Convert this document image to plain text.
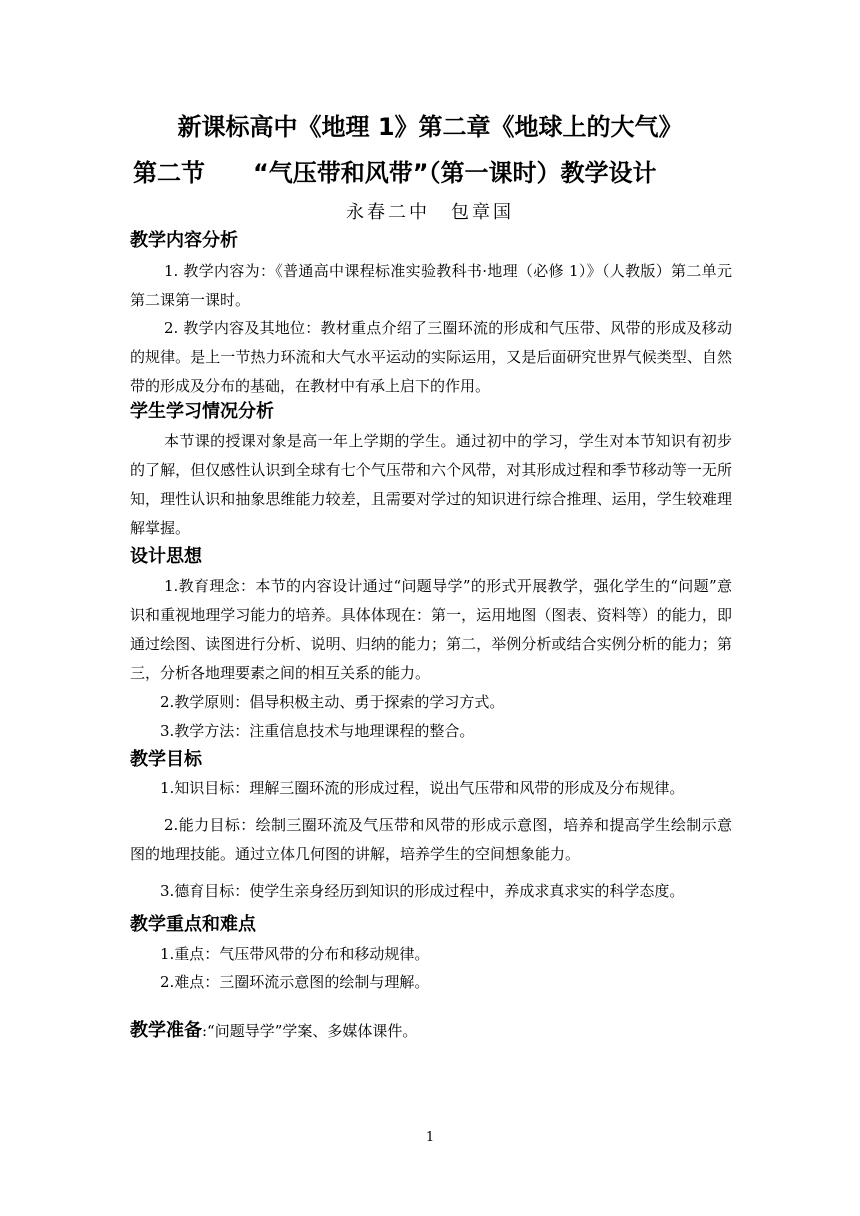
新课标高中《地理 1》第二章《地球上的大气》
第二节 “气压带和风带”（第一课时）教学设计
永春二中　包章国
教学内容分析
1. 教学内容为：《普通高中课程标准实验教科书·地理（必修 1）》（人教版）第二单元第二课第一课时。
2. 教学内容及其地位：教材重点介绍了三圈环流的形成和气压带、风带的形成及移动的规律。是上一节热力环流和大气水平运动的实际运用，又是后面研究世界气候类型、自然带的形成及分布的基础，在教材中有承上启下的作用。
学生学习情况分析
本节课的授课对象是高一年上学期的学生。通过初中的学习，学生对本节知识有初步的了解，但仅感性认识到全球有七个气压带和六个风带，对其形成过程和季节移动等一无所知，理性认识和抽象思维能力较差，且需要对学过的知识进行综合推理、运用，学生较难理解掌握。
设计思想
1.教育理念：本节的内容设计通过“问题导学”的形式开展教学，强化学生的“问题”意识和重视地理学习能力的培养。具体体现在：第一，运用地图（图表、资料等）的能力，即通过绘图、读图进行分析、说明、归纳的能力；第二，举例分析或结合实例分析的能力；第三，分析各地理要素之间的相互关系的能力。
2.教学原则：倡导积极主动、勇于探索的学习方式。
3.教学方法：注重信息技术与地理课程的整合。
教学目标
1.知识目标：理解三圈环流的形成过程，说出气压带和风带的形成及分布规律。
2.能力目标：绘制三圈环流及气压带和风带的形成示意图，培养和提高学生绘制示意图的地理技能。通过立体几何图的讲解，培养学生的空间想象能力。
3.德育目标：使学生亲身经历到知识的形成过程中，养成求真求实的科学态度。
教学重点和难点
1.重点：气压带风带的分布和移动规律。
2.难点：三圈环流示意图的绘制与理解。
教学准备:“问题导学”学案、多媒体课件。
1
